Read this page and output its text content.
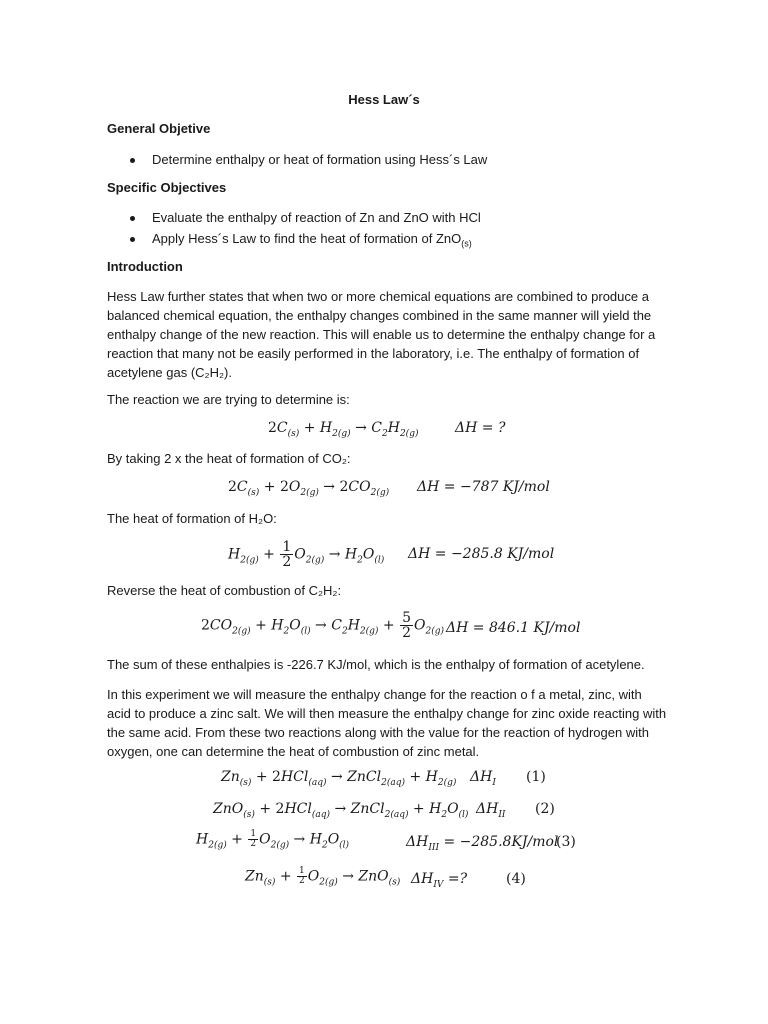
Hess Law´s
General Objetive
Determine enthalpy or heat of formation using Hess´s Law
Specific Objectives
Evaluate the enthalpy of reaction of Zn and ZnO with HCl
Apply Hess´s Law to find the heat of formation of ZnO$_{(s)}$
Introduction
Hess Law further states that when two or more chemical equations are combined to produce a balanced chemical equation, the enthalpy changes combined in the same manner will yield the enthalpy change of the new reaction. This will enable us to determine the enthalpy change for a reaction that many not be easily performed in the laboratory, i.e. The enthalpy of formation of acetylene gas (C₂H₂).
The reaction we are trying to determine is:
$2C_{(s)} + H_{2(g)} \to C_2H_{2(g)}$	ΔH = ?
By taking 2 x the heat of formation of CO₂:
$2C_{(s)} + 2O_{2(g)} \to 2CO_{2(g)}$ ΔH = −787 KJ/mol
The heat of formation of H₂O:
$H_{2(g)} + \frac{1}{2} O_{2(g)} \to H_2O_{(l)}$ ΔH = −285.8 KJ/mol
Reverse the heat of combustion of C₂H₂:
$2CO_{2(g)} + H_2O_{(l)} \to C_2H_{2(g)} + \frac{5}{2} O_{2(g)}$ ΔH = 846.1 KJ/mol
The sum of these enthalpies is -226.7 KJ/mol, which is the enthalpy of formation of acetylene.
In this experiment we will measure the enthalpy change for the reaction o f a metal, zinc, with acid to produce a zinc salt. We will then measure the enthalpy change for zinc oxide reacting with the same acid. From these two reactions along with the value for the reaction of hydrogen with oxygen, one can determine the heat of combustion of zinc metal.
$Zn_{(s)} + 2HCl_{(aq)}$ → ZnCl$_{2(aq)}$ + $H_{2(g)}$ $\Delta H_I$ (1)
ZnO$_{(s)}$ + 2HCl$_{(aq)}$ → ZnCl$_{2(aq)}$ + $H_2O_{(l)}$ $\Delta H_{II}$ (2)
$H_{2(g)} + \frac{1}{2} O_{2(g)} \to H_2O_{(l)}$	$\Delta H_{III} = -285.8KJ/mol$
(3)
$Zn_{(s)} + \frac{1}{2} O_{2(g)} \to ZnO_{(s)}$ $\Delta H_{IV}$ =?	(4)
